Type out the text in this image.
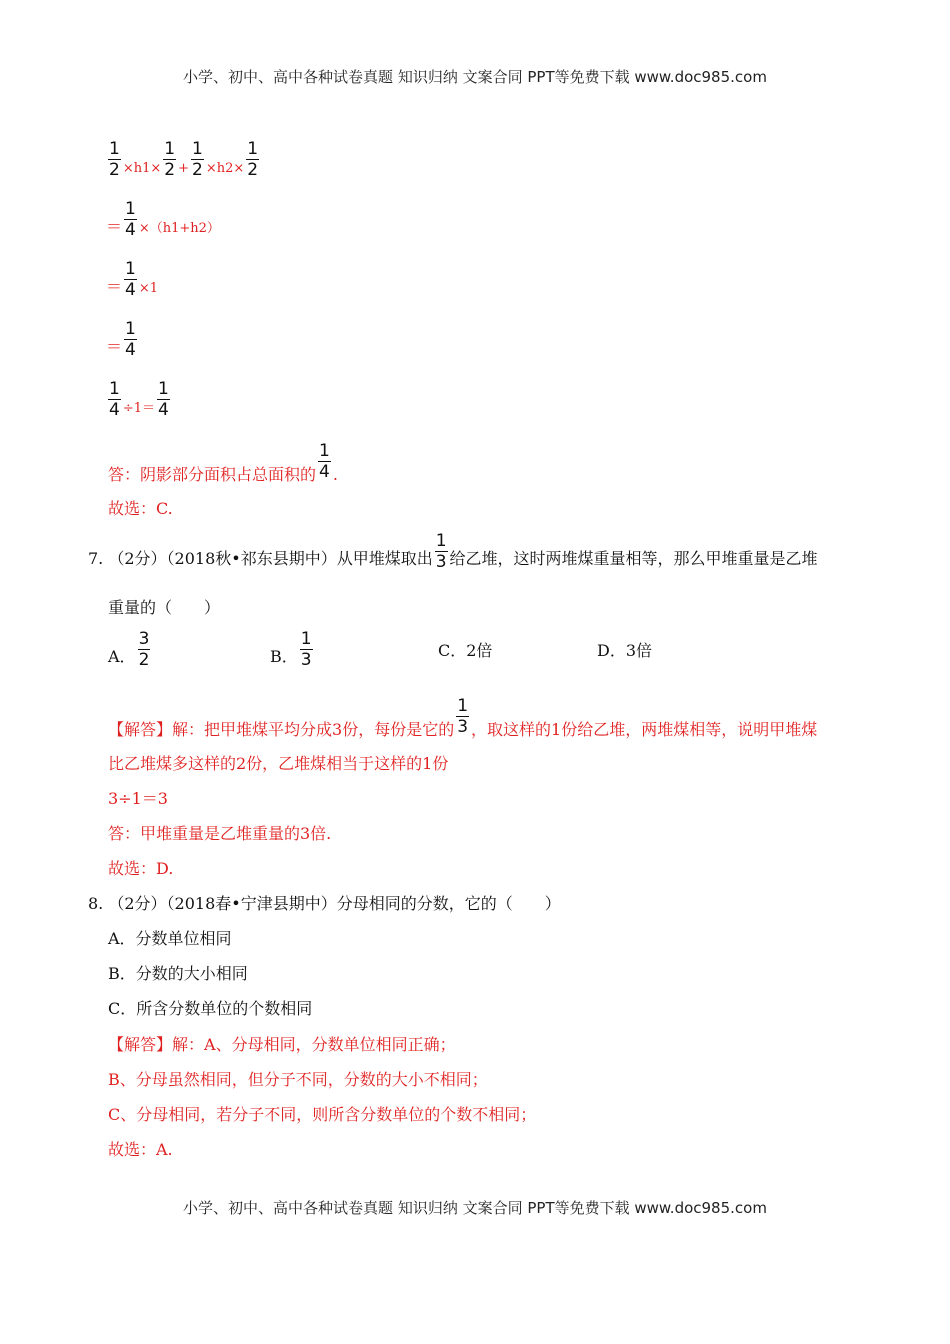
小学、初中、高中各种试卷真题 知识归纳 文案合同 PPT等免费下载 www.doc985.com
$\frac{1}{2} \times h1\times \frac{1}{2} + \frac{1}{2} \times h2\times \frac{1}{2}$
＝ $\frac{1}{4} \times(h1+h2)$
＝ $\frac{1}{4} \times 1$
＝ $\frac{1}{4}$
$\frac{1}{4} \div 1= \frac{1}{4}$
答：阴影部分面积占总面积的 $\frac{1}{4}$ .
故选：C.
7. （2分）（2018秋•祁东县期中）从甲堆煤取出 $\frac{1}{3}$ 给乙堆，这时两堆煤重量相等，那么甲堆重量是乙堆
重量的（　　）
A． $\frac{3}{2}$	B． $\frac{1}{3}$	C．2倍	D．3倍
【解答】解：把甲堆煤平均分成3份，每份是它的 $\frac{1}{3}$ ，取这样的1份给乙堆，两堆煤相等，说明甲堆煤
比乙堆煤多这样的2份，乙堆煤相当于这样的1份
3÷1＝3
答：甲堆重量是乙堆重量的3倍.
故选：D.
8. （2分）（2018春•宁津县期中）分母相同的分数，它的（　　）
A．分数单位相同
B．分数的大小相同
C．所含分数单位的个数相同
【解答】解：A、分母相同，分数单位相同正确；
B、分母虽然相同，但分子不同，分数的大小不相同；
C、分母相同，若分子不同，则所含分数单位的个数不相同；
故选：A.
小学、初中、高中各种试卷真题 知识归纳 文案合同 PPT等免费下载 www.doc985.com
